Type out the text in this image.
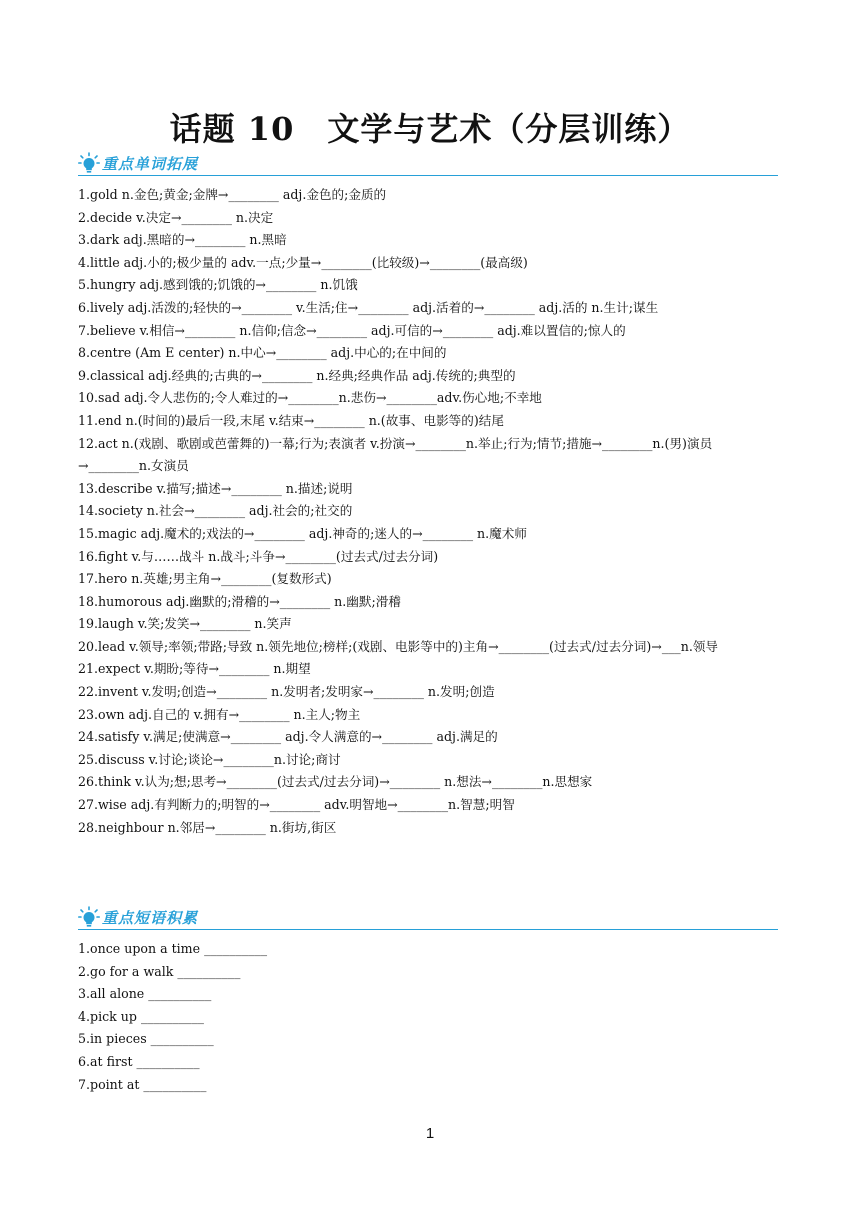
话题 10　文学与艺术（分层训练）
重点单词拓展
1.gold n.金色;黄金;金牌→________ adj.金色的;金质的
2.decide v.决定→________ n.决定
3.dark adj.黑暗的→________ n.黑暗
4.little adj.小的;极少量的 adv.一点;少量→________(比较级)→________(最高级)
5.hungry adj.感到饿的;饥饿的→________ n.饥饿
6.lively adj.活泼的;轻快的→________ v.生活;住→________ adj.活着的→________ adj.活的 n.生计;谋生
7.believe v.相信→________ n.信仰;信念→________ adj.可信的→________ adj.难以置信的;惊人的
8.centre (Am E center) n.中心→________ adj.中心的;在中间的
9.classical adj.经典的;古典的→________ n.经典;经典作品 adj.传统的;典型的
10.sad adj.令人悲伤的;令人难过的→________n.悲伤→________adv.伤心地;不幸地
11.end n.(时间的)最后一段,末尾 v.结束→________ n.(故事、电影等的)结尾
12.act n.(戏剧、歌剧或芭蕾舞的)一幕;行为;表演者 v.扮演→________n.举止;行为;情节;措施→________n.(男)演员→________n.女演员
13.describe v.描写;描述→________ n.描述;说明
14.society n.社会→________ adj.社会的;社交的
15.magic adj.魔术的;戏法的→________ adj.神奇的;迷人的→________ n.魔术师
16.fight v.与……战斗 n.战斗;斗争→________(过去式/过去分词)
17.hero n.英雄;男主角→________(复数形式)
18.humorous adj.幽默的;滑稽的→________ n.幽默;滑稽
19.laugh v.笑;发笑→________ n.笑声
20.lead v.领导;率领;带路;导致 n.领先地位;榜样;(戏剧、电影等中的)主角→________(过去式/过去分词)→___n.领导
21.expect v.期盼;等待→________ n.期望
22.invent v.发明;创造→________ n.发明者;发明家→________ n.发明;创造
23.own adj.自己的 v.拥有→________ n.主人;物主
24.satisfy v.满足;使满意→________ adj.令人满意的→________ adj.满足的
25.discuss v.讨论;谈论→________n.讨论;商讨
26.think v.认为;想;思考→________(过去式/过去分词)→________ n.想法→________n.思想家
27.wise adj.有判断力的;明智的→________ adv.明智地→________n.智慧;明智
28.neighbour n.邻居→________ n.街坊,街区
重点短语积累
1.once upon a time __________
2.go for a walk __________
3.all alone __________
4.pick up __________
5.in pieces __________
6.at first __________
7.point at __________
1
